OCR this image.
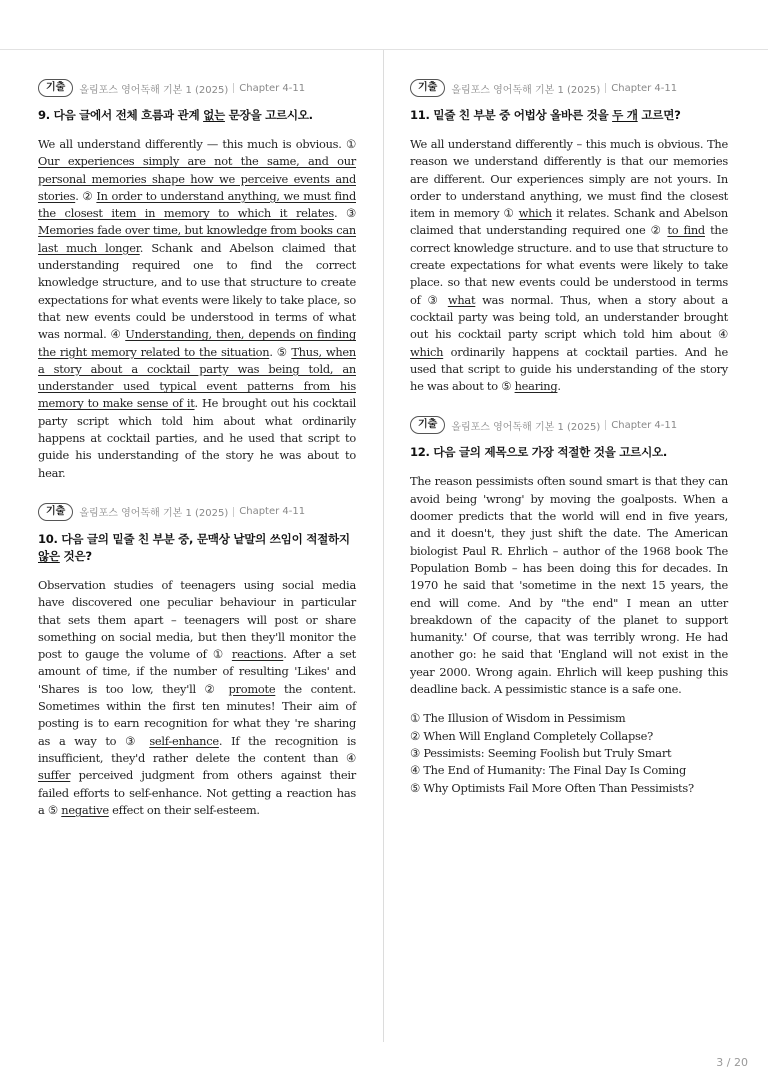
기출	올림포스 영어독해 기본 1 (2025) Chapter 4-11
9. 다음 글에서 전체 흐름과 관계 없는 문장을 고르시오.
We all understand differently — this much is obvious. ① Our experiences simply are not the same, and our personal memories shape how we perceive events and stories. ② In order to understand anything, we must find the closest item in memory to which it relates. ③ Memories fade over time, but knowledge from books can last much longer. Schank and Abelson claimed that understanding required one to find the correct knowledge structure, and to use that structure to create expectations for what events were likely to take place, so that new events could be understood in terms of what was normal. ④ Understanding, then, depends on finding the right memory related to the situation. ⑤ Thus, when a story about a cocktail party was being told, an understander used typical event patterns from his memory to make sense of it. He brought out his cocktail party script which told him about what ordinarily happens at cocktail parties, and he used that script to guide his understanding of the story he was about to hear.
기출	올림포스 영어독해 기본 1 (2025) Chapter 4-11
10. 다음 글의 밑줄 친 부분 중, 문맥상 낱말의 쓰임이 적절하지 않은 것은?
Observation studies of teenagers using social media have discovered one peculiar behaviour in particular that sets them apart – teenagers will post or share something on social media, but then they'll monitor the post to gauge the volume of ① reactions. After a set amount of time, if the number of resulting 'Likes' and 'Shares is too low, they'll ② promote the content. Sometimes within the first ten minutes! Their aim of posting is to earn recognition for what they 're sharing as a way to ③ self-enhance. If the recognition is insufficient, they'd rather delete the content than ④ suffer perceived judgment from others against their failed efforts to self-enhance. Not getting a reaction has a ⑤ negative effect on their self-esteem.
기출	올림포스 영어독해 기본 1 (2025) Chapter 4-11
11. 밑줄 친 부분 중 어법상 올바른 것을 두 개 고르면?
We all understand differently – this much is obvious. The reason we understand differently is that our memories are different. Our experiences simply are not yours. In order to understand anything, we must find the closest item in memory ① which it relates. Schank and Abelson claimed that understanding required one ② to find the correct knowledge structure. and to use that structure to create expectations for what events were likely to take place. so that new events could be understood in terms of ③ what was normal. Thus, when a story about a cocktail party was being told, an understander brought out his cocktail party script which told him about ④ which ordinarily happens at cocktail parties. And he used that script to guide his understanding of the story he was about to ⑤ hearing.
기출	올림포스 영어독해 기본 1 (2025) Chapter 4-11
12. 다음 글의 제목으로 가장 적절한 것을 고르시오.
The reason pessimists often sound smart is that they can avoid being 'wrong' by moving the goalposts. When a doomer predicts that the world will end in five years, and it doesn't, they just shift the date. The American biologist Paul R. Ehrlich – author of the 1968 book The Population Bomb – has been doing this for decades. In 1970 he said that 'sometime in the next 15 years, the end will come. And by "the end" I mean an utter breakdown of the capacity of the planet to support humanity.' Of course, that was terribly wrong. He had another go: he said that 'England will not exist in the year 2000. Wrong again. Ehrlich will keep pushing this deadline back. A pessimistic stance is a safe one.
① The Illusion of Wisdom in Pessimism
② When Will England Completely Collapse?
③ Pessimists: Seeming Foolish but Truly Smart
④ The End of Humanity: The Final Day Is Coming
⑤ Why Optimists Fail More Often Than Pessimists?
3 / 20
